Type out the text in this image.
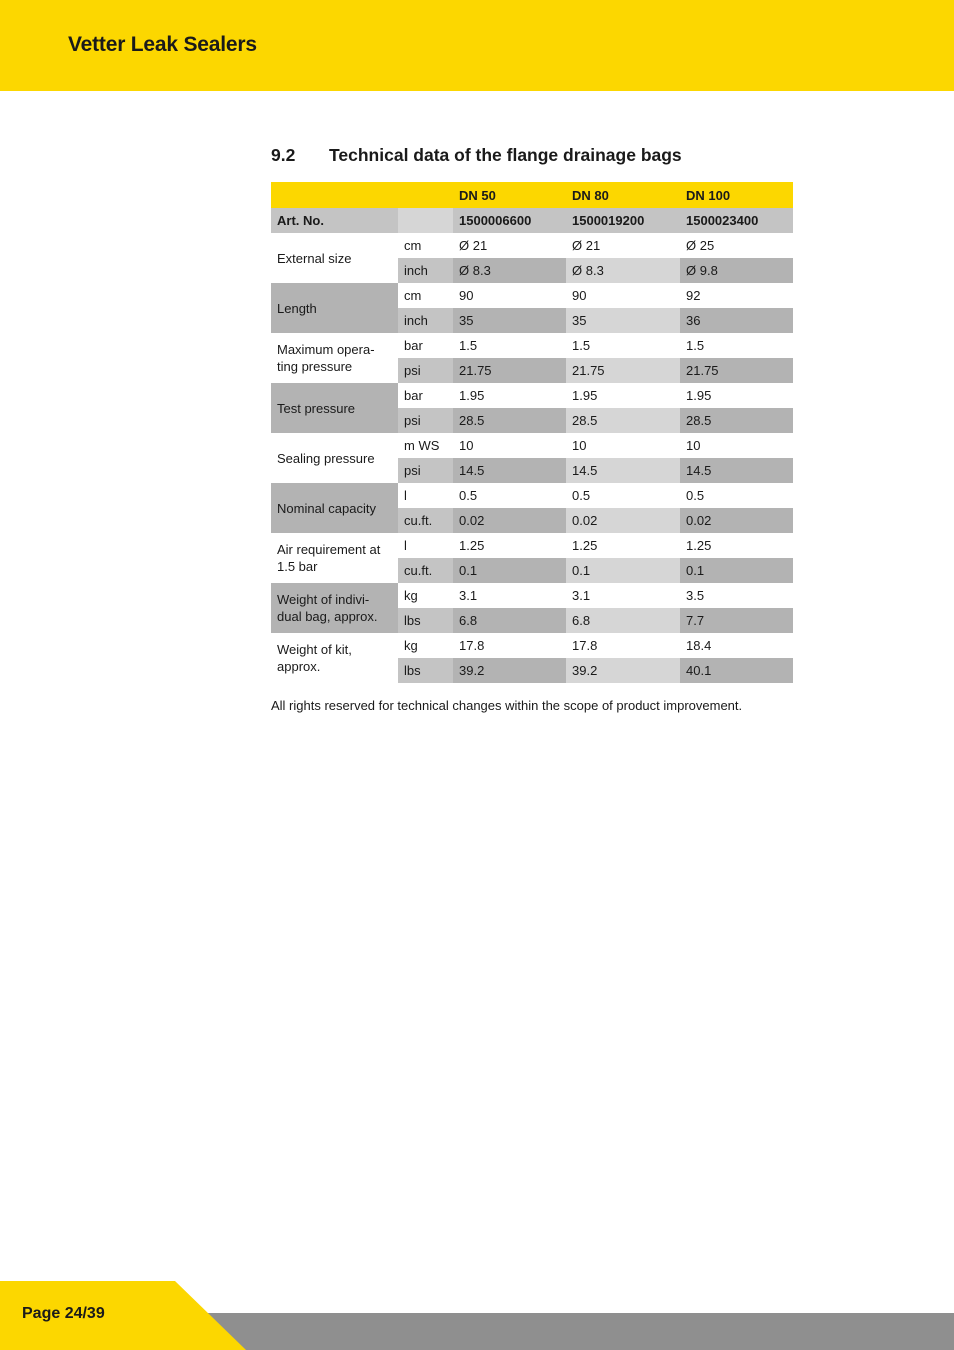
Vetter Leak Sealers
9.2 Technical data of the flange drainage bags
		DN 50	DN 80	DN 100
Art. No.		1500006600	1500019200	1500023400
External size	cm	Ø 21	Ø 21	Ø 25
	inch	Ø 8.3	Ø 8.3	Ø 9.8
Length	cm	90	90	92
	inch	35	35	36
Maximum opera-
ting pressure	bar	1.5	1.5	1.5
	psi	21.75	21.75	21.75
Test pressure	bar	1.95	1.95	1.95
	psi	28.5	28.5	28.5
Sealing pressure	m WS	10	10	10
	psi	14.5	14.5	14.5
Nominal capacity	l	0.5	0.5	0.5
	cu.ft.	0.02	0.02	0.02
Air requirement at
1.5 bar	l	1.25	1.25	1.25
	cu.ft.	0.1	0.1	0.1
Weight of indivi-
dual bag, approx.	kg	3.1	3.1	3.5
	lbs	6.8	6.8	7.7
Weight of kit,
approx.	kg	17.8	17.8	18.4
	lbs	39.2	39.2	40.1
All rights reserved for technical changes within the scope of product improvement.
Page 24/39
